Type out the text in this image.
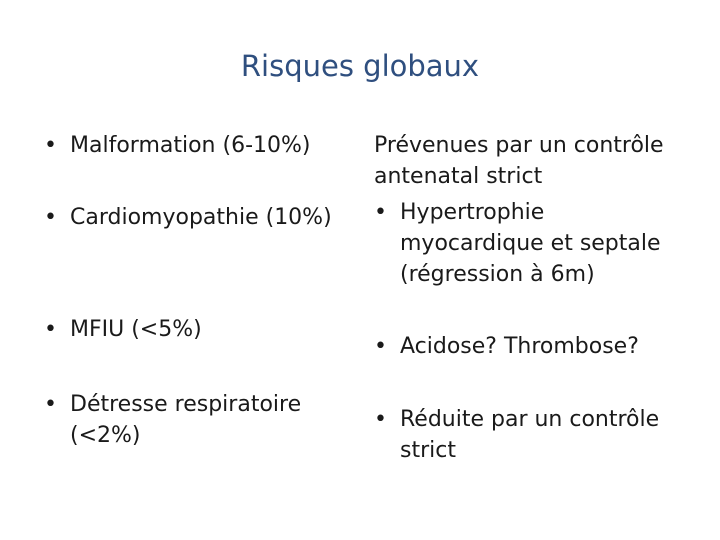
Risques globaux
• Malformation (6-10%)
• Cardiomyopathie (10%)
• MFIU (<5%)
• Détresse respiratoire (<2%)
Prévenues par un contrôle antenatal strict
• Hypertrophie myocardique et septale (régression à 6m)
• Acidose? Thrombose?
• Réduite par un contrôle strict
